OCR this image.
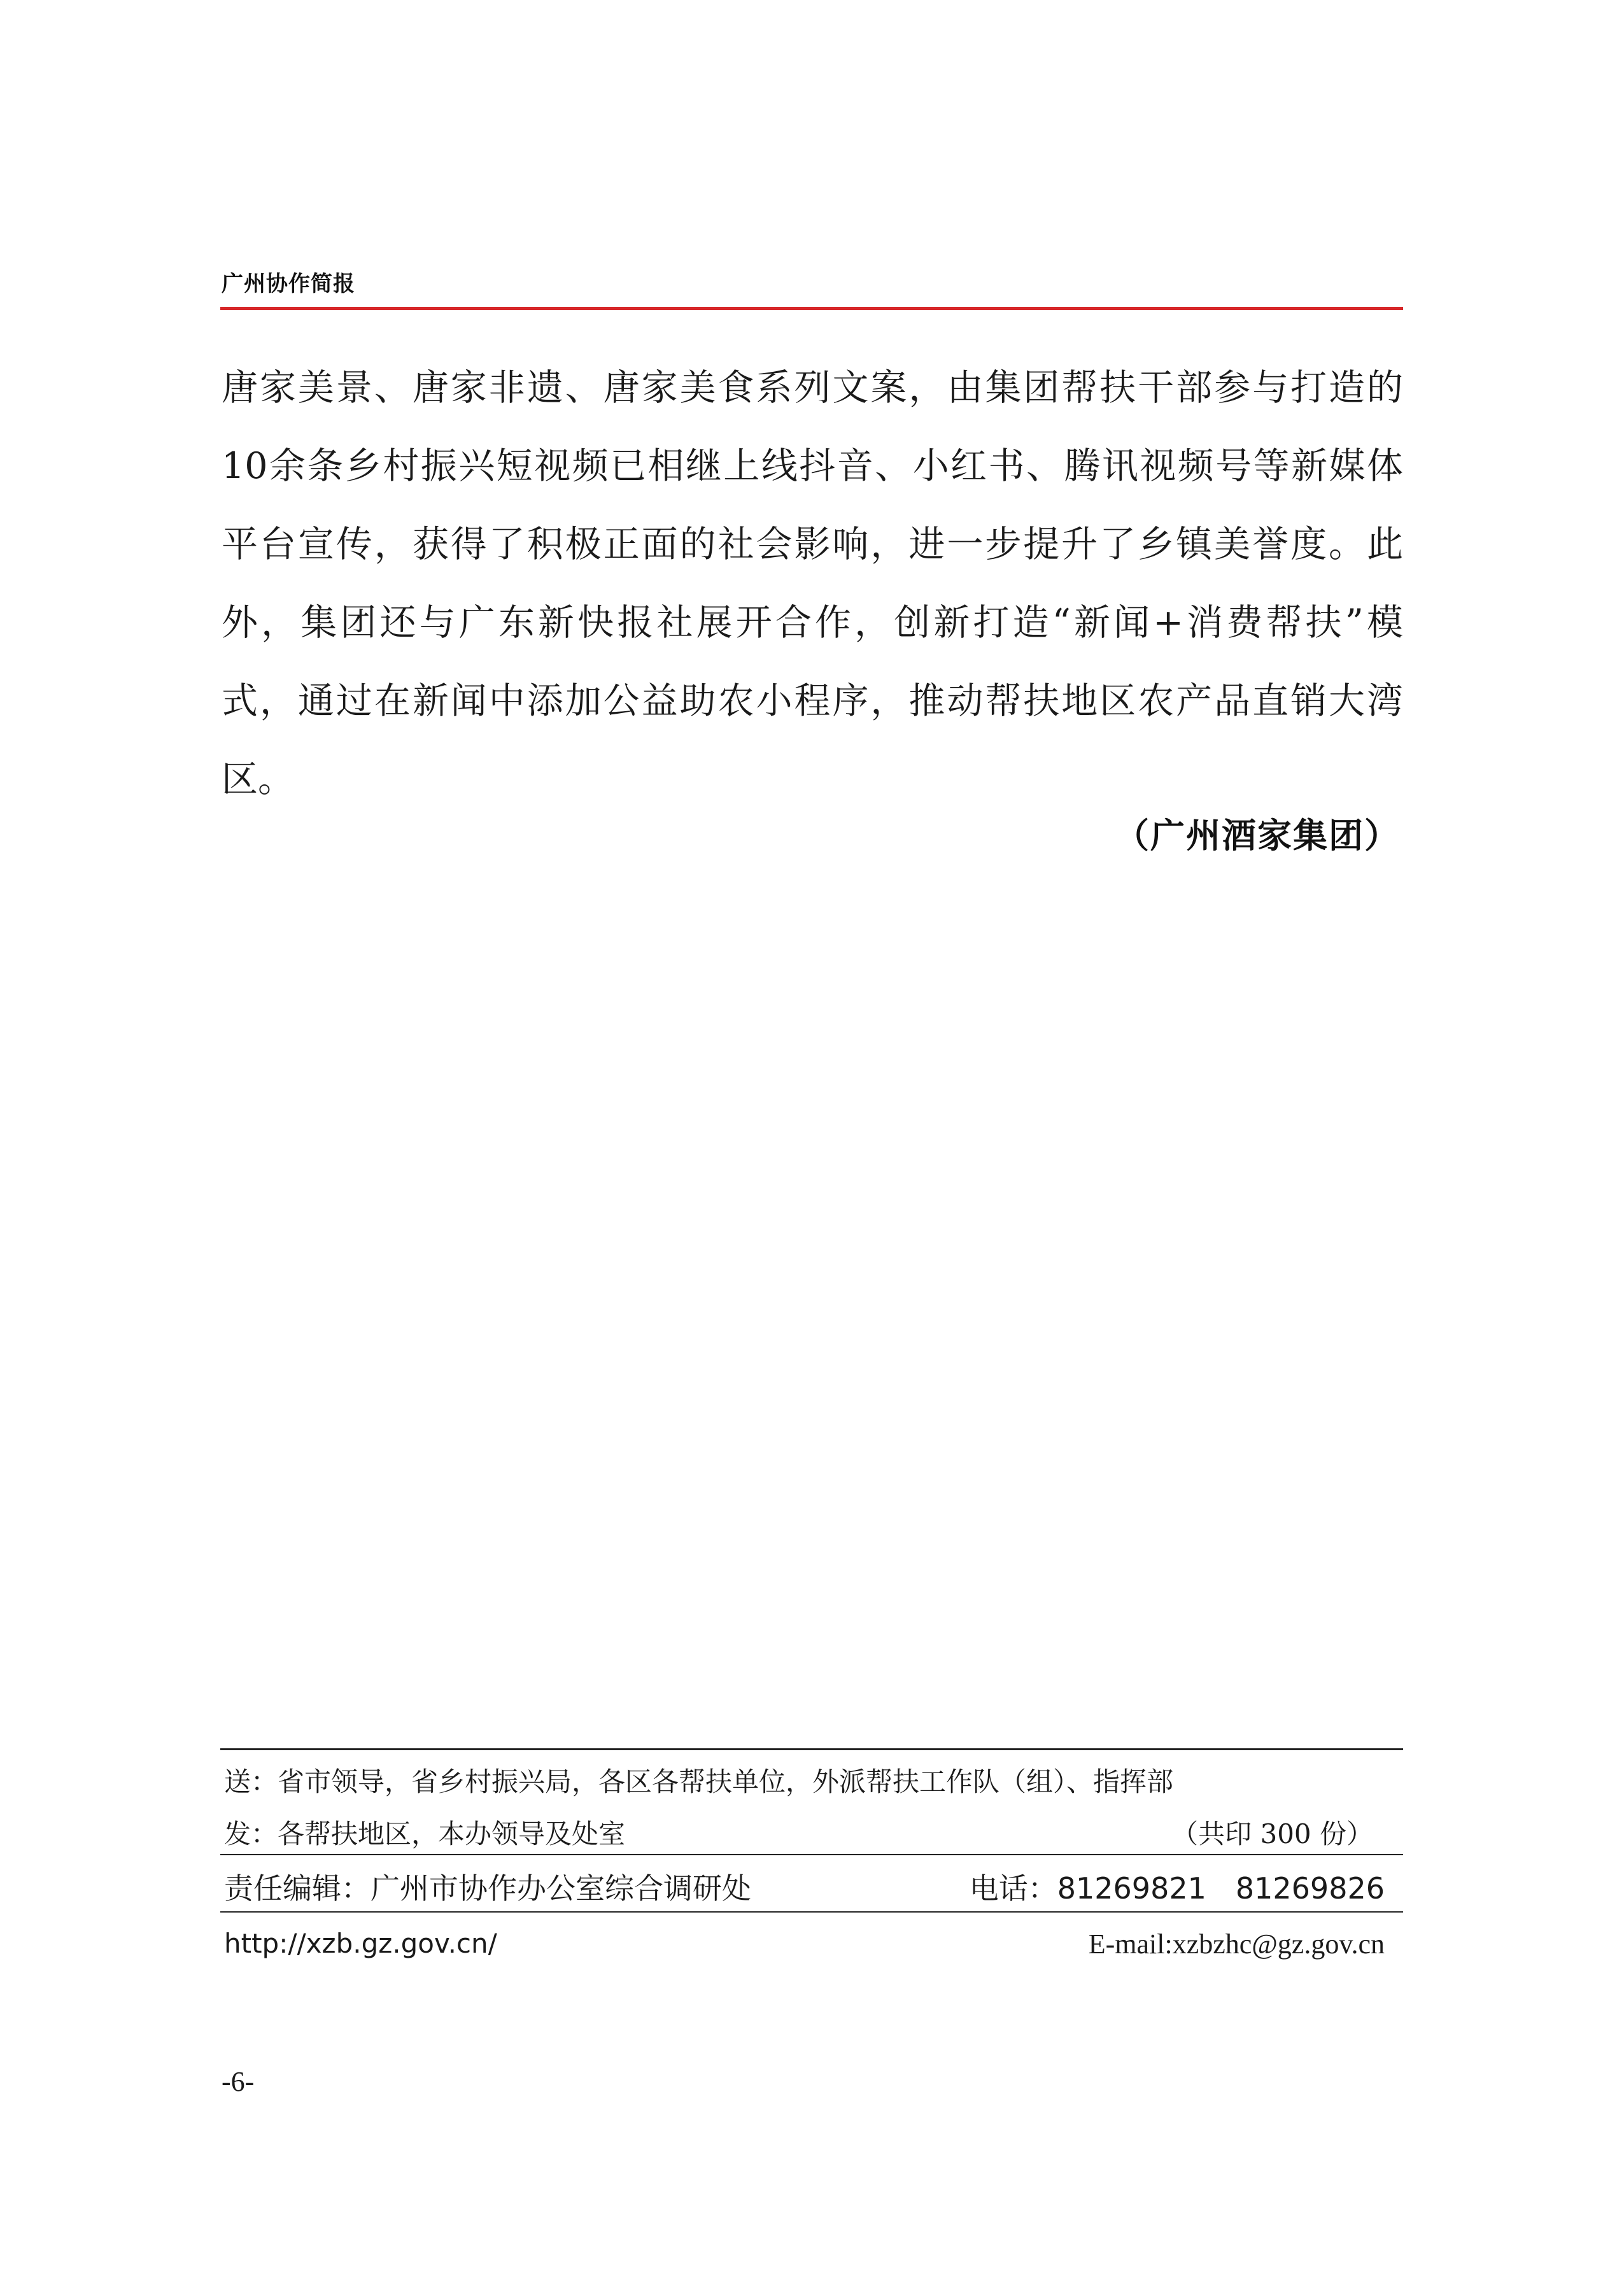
广州协作简报
唐家美景、唐家非遗、唐家美食系列文案，由集团帮扶干部参与打造的
10余条乡村振兴短视频已相继上线抖音、小红书、腾讯视频号等新媒体
平台宣传，获得了积极正面的社会影响，进一步提升了乡镇美誉度。此
外，集团还与广东新快报社展开合作，创新打造“新闻+消费帮扶”模
式，通过在新闻中添加公益助农小程序，推动帮扶地区农产品直销大湾
区。
（广州酒家集团）
送：省市领导，省乡村振兴局，各区各帮扶单位，外派帮扶工作队（组）、指挥部
发：各帮扶地区，本办领导及处室	（共印 300 份）
责任编辑：广州市协作办公室综合调研处	电话：81269821　81269826
http://xzb.gz.gov.cn/	E-mail:xzbzhc@gz.gov.cn
-6-
